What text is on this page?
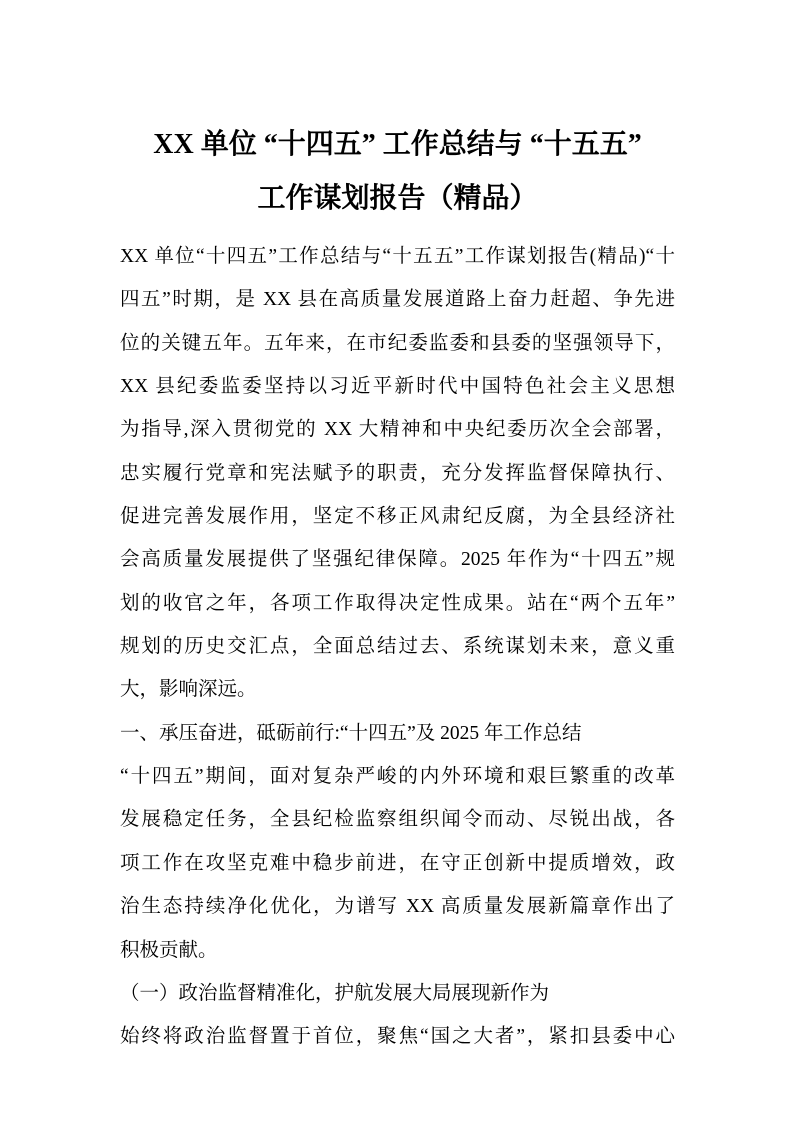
XX 单位 “十四五” 工作总结与 “十五五”
工作谋划报告（精品）
XX 单位“十四五”工作总结与“十五五”工作谋划报告(精品)“十
四五”时期，是 XX 县在高质量发展道路上奋力赶超、争先进
位的关键五年。五年来，在市纪委监委和县委的坚强领导下，
XX 县纪委监委坚持以习近平新时代中国特色社会主义思想
为指导,深入贯彻党的 XX 大精神和中央纪委历次全会部署，
忠实履行党章和宪法赋予的职责，充分发挥监督保障执行、
促进完善发展作用，坚定不移正风肃纪反腐，为全县经济社
会高质量发展提供了坚强纪律保障。2025 年作为“十四五”规
划的收官之年，各项工作取得决定性成果。站在“两个五年”
规划的历史交汇点，全面总结过去、系统谋划未来，意义重
大，影响深远。
一、承压奋进，砥砺前行:“十四五”及 2025 年工作总结
“十四五”期间，面对复杂严峻的内外环境和艰巨繁重的改革
发展稳定任务，全县纪检监察组织闻令而动、尽锐出战，各
项工作在攻坚克难中稳步前进，在守正创新中提质增效，政
治生态持续净化优化，为谱写 XX 高质量发展新篇章作出了
积极贡献。
（一）政治监督精准化，护航发展大局展现新作为
始终将政治监督置于首位，聚焦“国之大者”，紧扣县委中心
